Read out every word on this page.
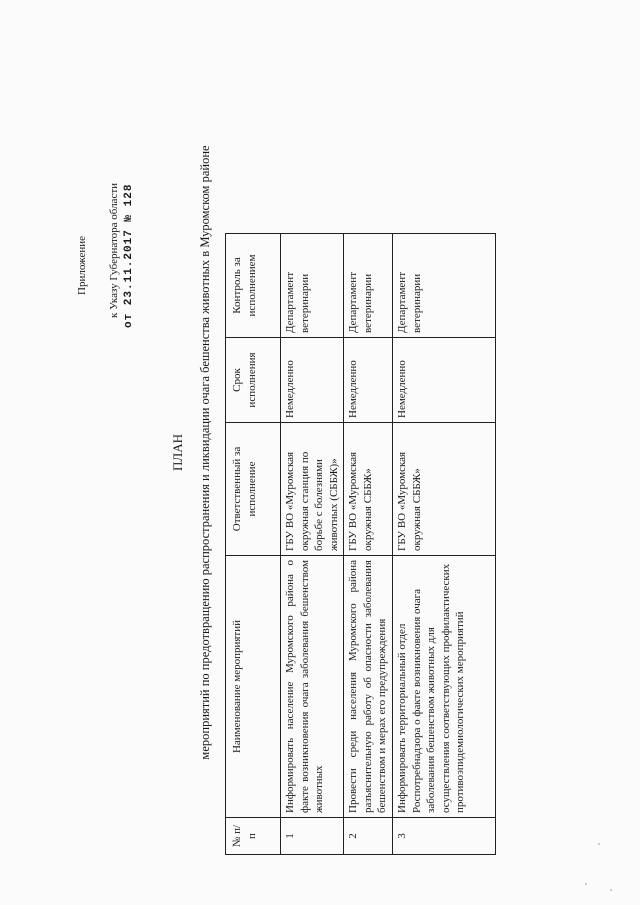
Приложение к Указу Губернатора области от 23.11.2017 № 128
ПЛАН мероприятий по предотвращению распространения и ликвидации очага бешенства животных в Муромском районе
№ п/п	Наименование мероприятий	Ответственный за исполнение	Срок исполнения	Контроль за исполнением
1	Информировать население Муромского района о факте возникновения очага заболевания бешенством животных	ГБУ ВО «Муромская окружная станция по борьбе с болезнями животных (СББЖ)»	Немедленно	Департамент ветеринарии
2	Провести среди населения Муромского района разъяснительную работу об опасности заболевания бешенством и мерах его предупреждения	ГБУ ВО «Муромская окружная СББЖ»	Немедленно	Департамент ветеринарии
3	Информировать территориальный отдел Роспотребнадзора о факте возникновения очага заболевания бешенством животных для осуществления соответствующих профилактических противоэпидемиологических мероприятий	ГБУ ВО «Муромская окружная СББЖ»	Немедленно	Департамент ветеринарии
